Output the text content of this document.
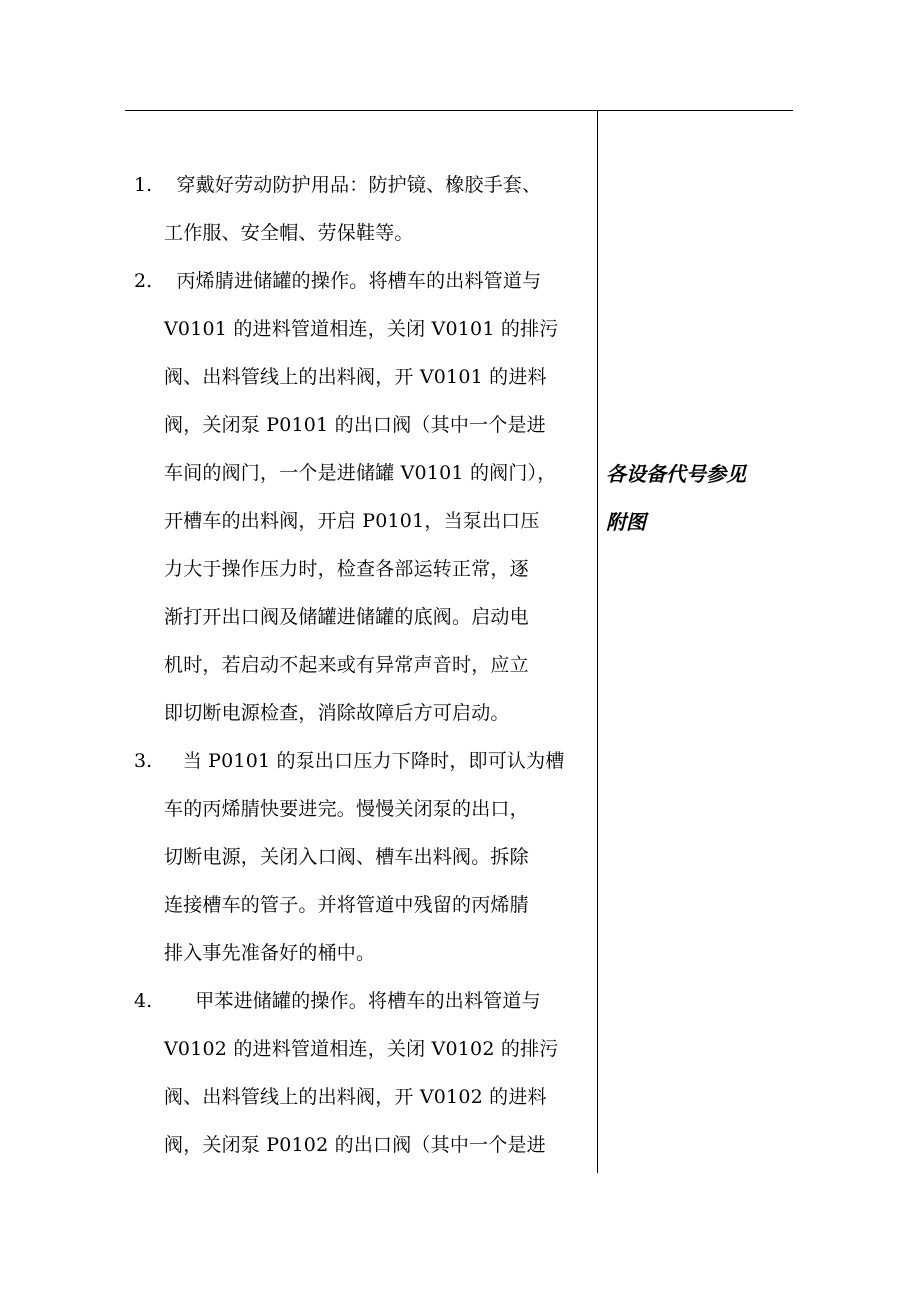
1. 穿戴好劳动防护用品：防护镜、橡胶手套、
工作服、安全帽、劳保鞋等。
2. 丙烯腈进储罐的操作。将槽车的出料管道与
V0101 的进料管道相连，关闭 V0101 的排污
阀、出料管线上的出料阀，开 V0101 的进料
阀，关闭泵 P0101 的出口阀（其中一个是进
车间的阀门，一个是进储罐 V0101 的阀门），
开槽车的出料阀，开启 P0101，当泵出口压
力大于操作压力时，检查各部运转正常，逐
渐打开出口阀及储罐进储罐的底阀。启动电
机时，若启动不起来或有异常声音时，应立
即切断电源检查，消除故障后方可启动。
3. 当 P0101 的泵出口压力下降时，即可认为槽
车的丙烯腈快要进完。慢慢关闭泵的出口，
切断电源，关闭入口阀、槽车出料阀。拆除
连接槽车的管子。并将管道中残留的丙烯腈
排入事先准备好的桶中。
4. 甲苯进储罐的操作。将槽车的出料管道与
V0102 的进料管道相连，关闭 V0102 的排污
阀、出料管线上的出料阀，开 V0102 的进料
阀，关闭泵 P0102 的出口阀（其中一个是进
各设备代号参见
附图
